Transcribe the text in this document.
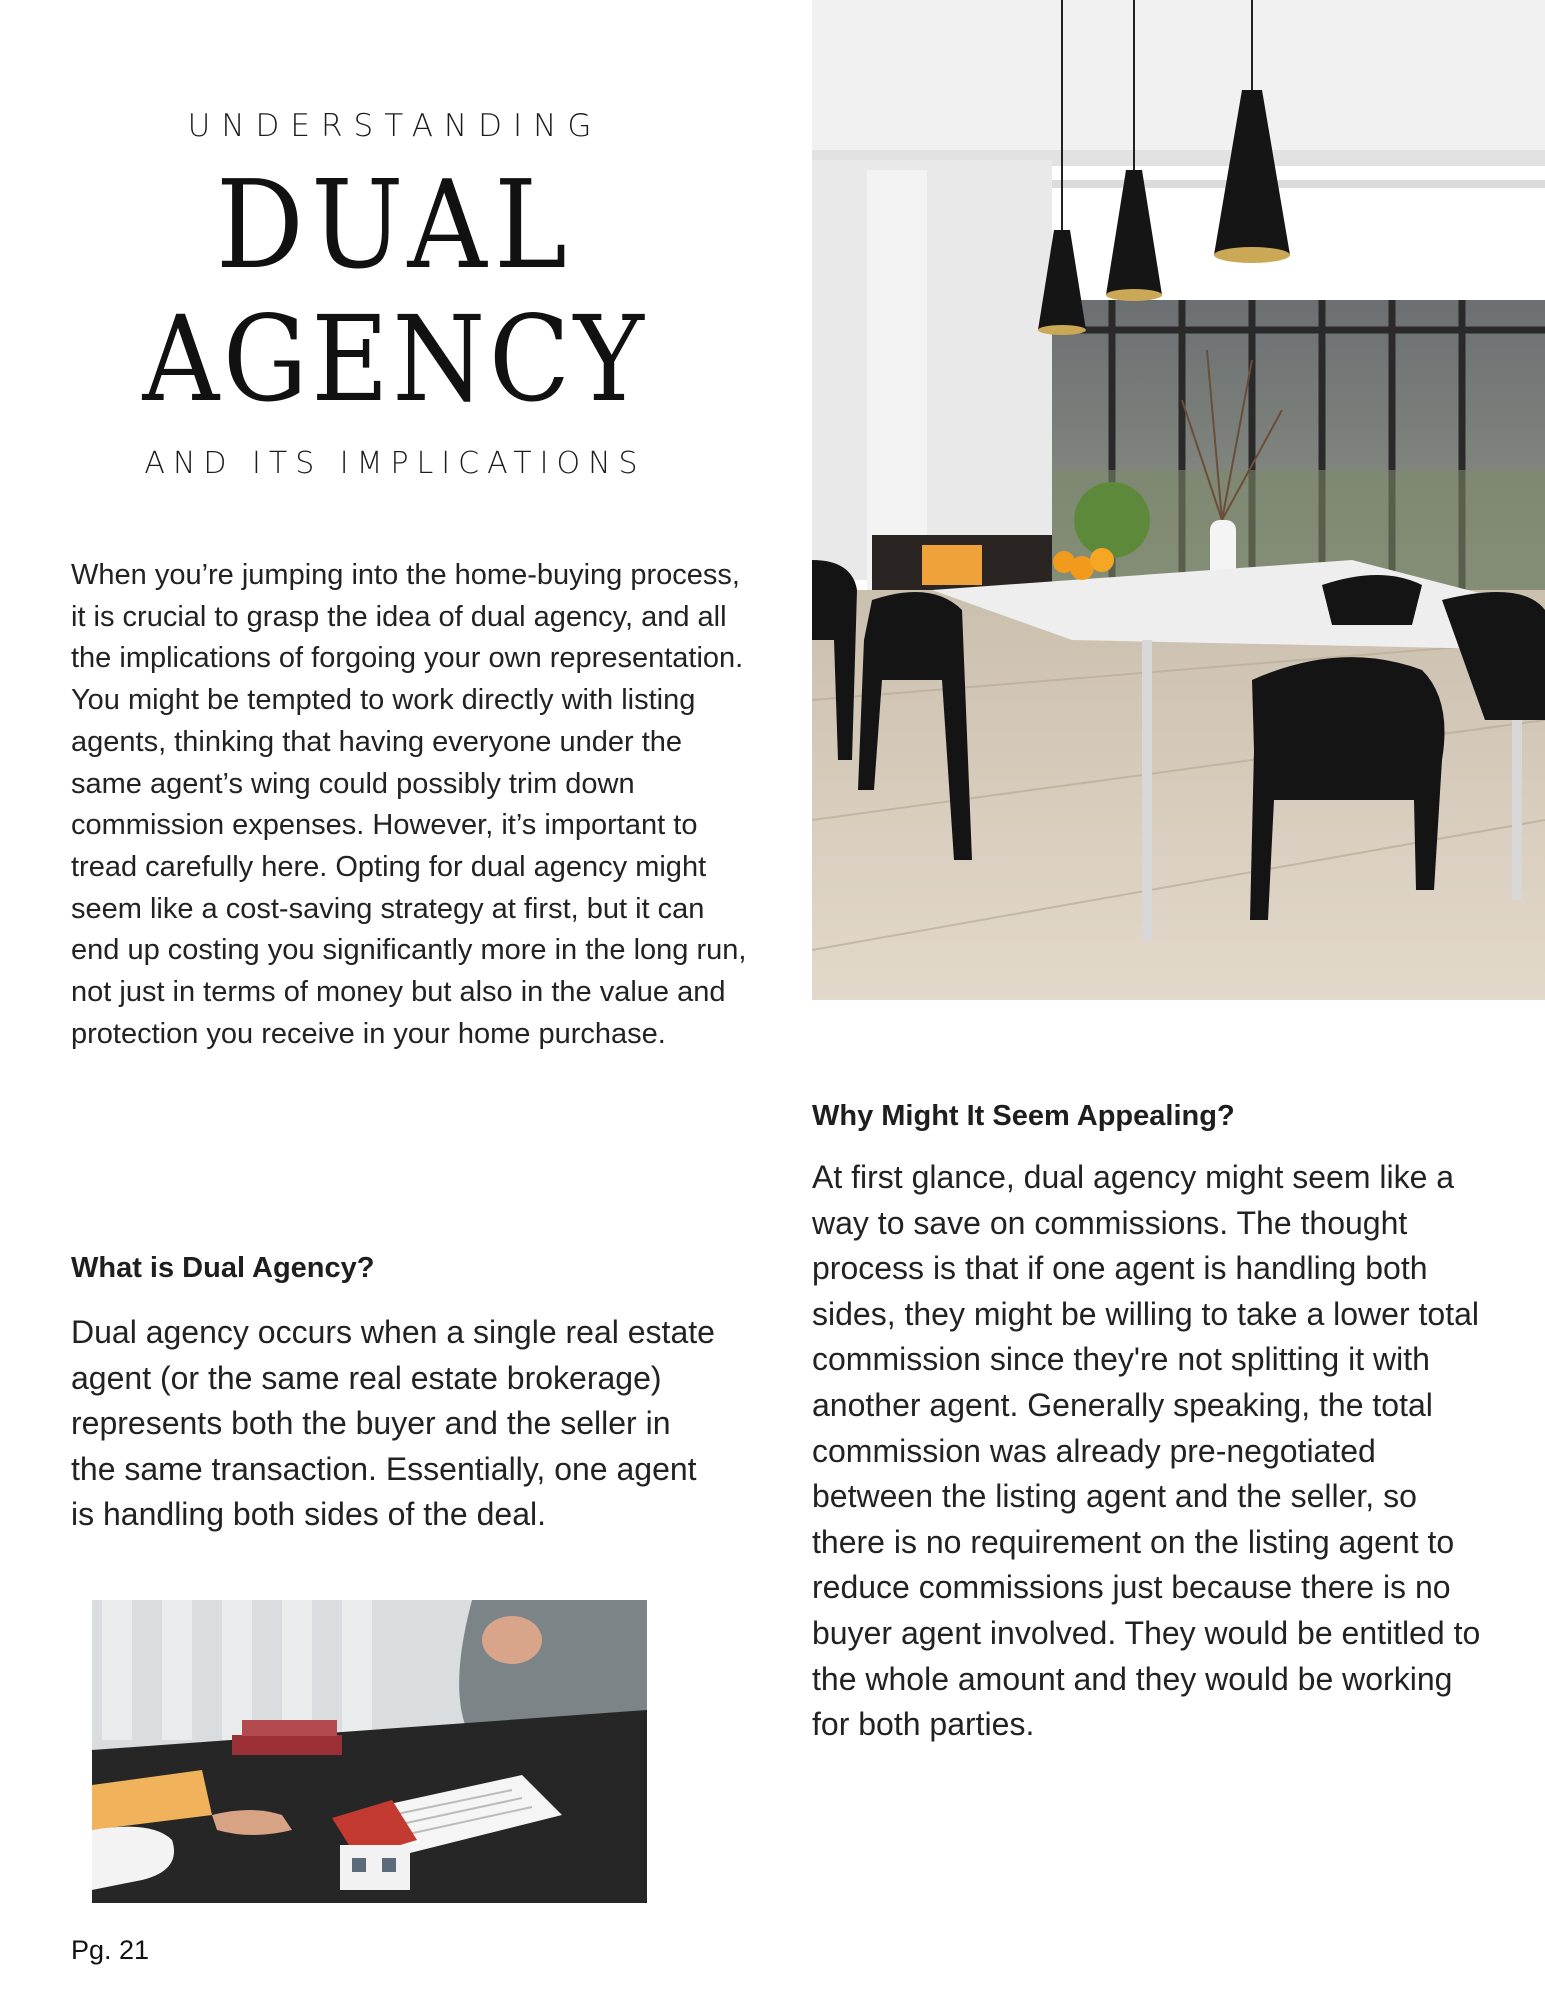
UNDERSTANDING
DUAL
AGENCY
AND ITS IMPLICATIONS
When you’re jumping into the home-buying process, it is crucial to grasp the idea of dual agency, and all the implications of forgoing your own representation. You might be tempted to work directly with listing agents, thinking that having everyone under the same agent’s wing could possibly trim down commission expenses. However, it’s important to tread carefully here. Opting for dual agency might seem like a cost-saving strategy at first, but it can end up costing you significantly more in the long run, not just in terms of money but also in the value and protection you receive in your home purchase.
What is Dual Agency?
Dual agency occurs when a single real estate agent (or the same real estate brokerage) represents both the buyer and the seller in the same transaction. Essentially, one agent is handling both sides of the deal.
Why Might It Seem Appealing?
At first glance, dual agency might seem like a way to save on commissions. The thought process is that if one agent is handling both sides, they might be willing to take a lower total commission since they're not splitting it with another agent. Generally speaking, the total commission was already pre-negotiated between the listing agent and the seller, so there is no requirement on the listing agent to reduce commissions just because there is no buyer agent involved. They would be entitled to the whole amount and they would be working for both parties.
Pg. 21
